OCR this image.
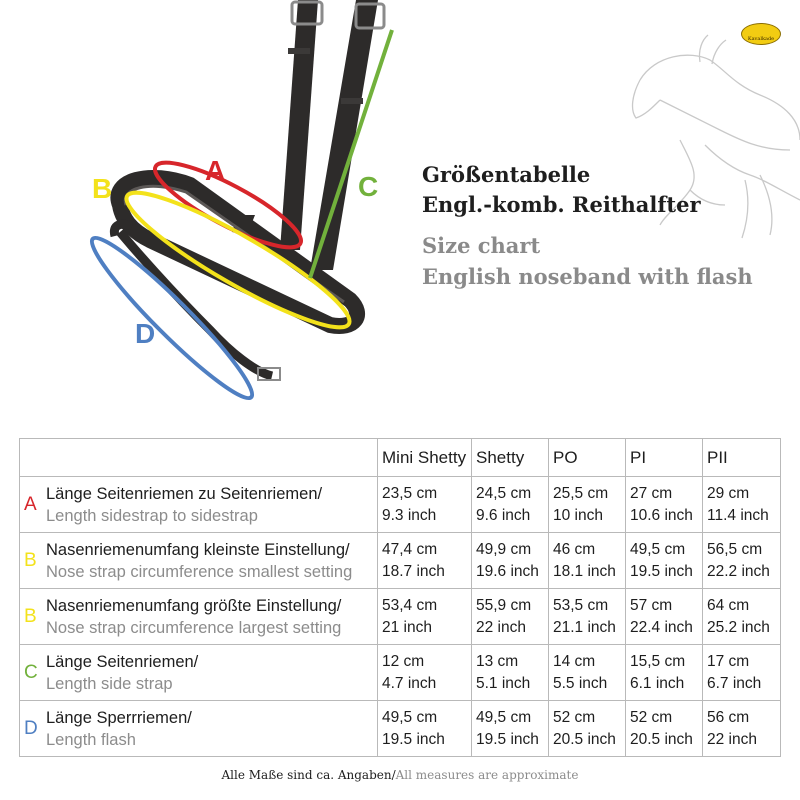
A
B	C
D
Kavalkade
Größentabelle
Engl.-komb. Reithalfter
Size chart
English noseband with flash
	Mini Shetty	Shetty	PO	PI	PII

A Länge Seitenriemen zu Seitenriemen/
Length sidestrap to sidestrap	23,5 cm
9.3 inch	24,5 cm
9.6 inch	25,5 cm
10 inch	27 cm
10.6 inch	29 cm
11.4 inch

B Nasenriemenumfang kleinste Einstellung/
Nose strap circumference smallest setting	47,4 cm
18.7 inch	49,9 cm
19.6 inch	46 cm
18.1 inch	49,5 cm
19.5 inch	56,5 cm
22.2 inch

B Nasenriemenumfang größte Einstellung/
Nose strap circumference largest setting	53,4 cm
21 inch	55,9 cm
22 inch	53,5 cm
21.1 inch	57 cm
22.4 inch	64 cm
25.2 inch

C Länge Seitenriemen/
Length side strap	12 cm
4.7 inch	13 cm
5.1 inch	14 cm
5.5 inch	15,5 cm
6.1 inch	17 cm
6.7 inch

D Länge Sperrriemen/
Length flash	49,5 cm
19.5 inch	49,5 cm
19.5 inch	52 cm
20.5 inch	52 cm
20.5 inch	56 cm
22 inch
Alle Maße sind ca. Angaben/All measures are approximate
